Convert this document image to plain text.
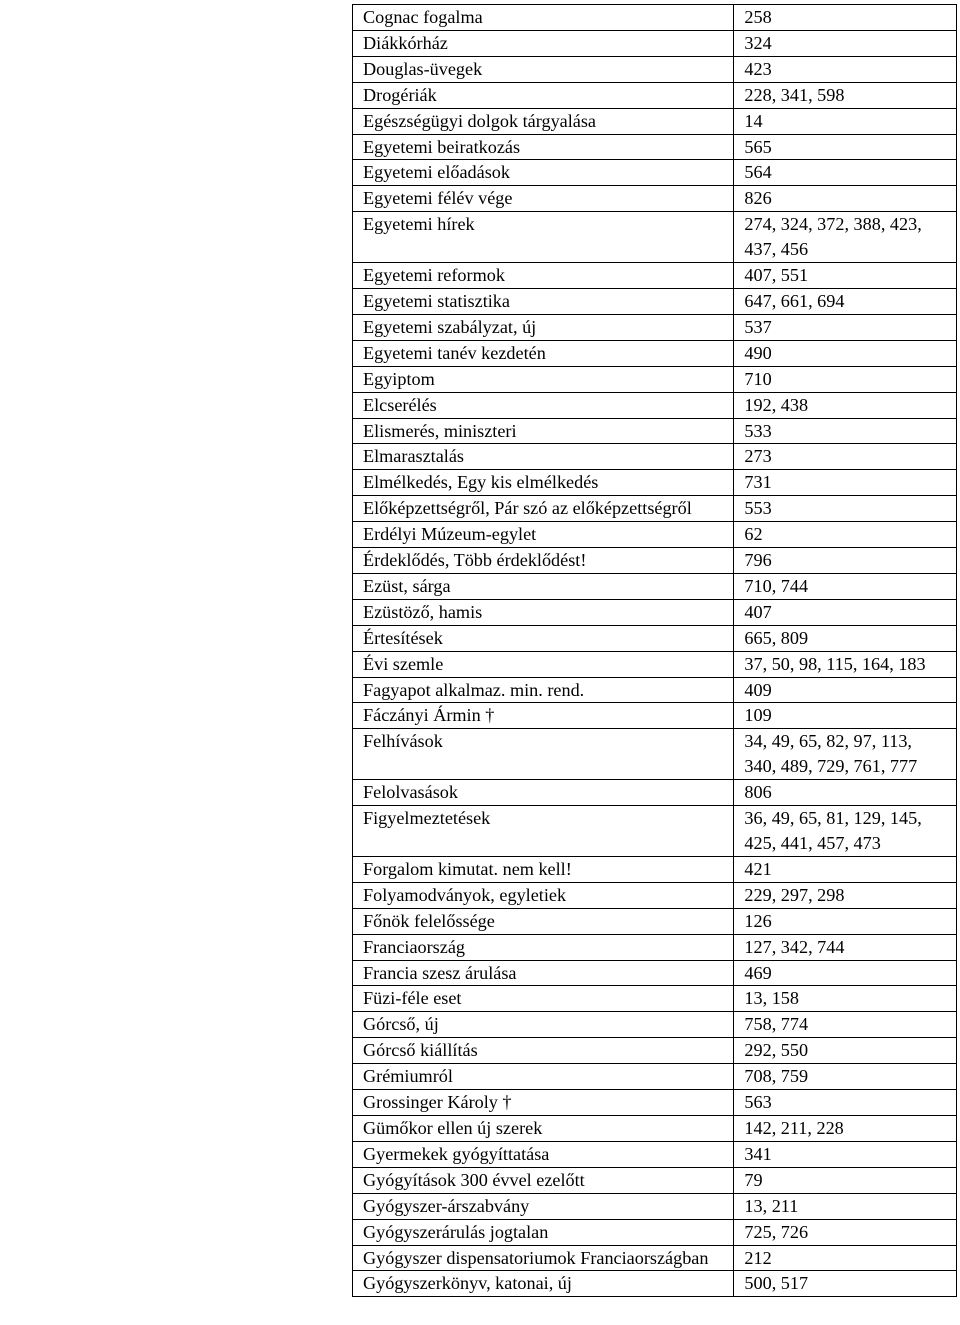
Cognac fogalma	258
Diákkórház	324
Douglas-üvegek	423
Drogériák	228, 341, 598
Egészségügyi dolgok tárgyalása	14
Egyetemi beiratkozás	565
Egyetemi előadások	564
Egyetemi félév vége	826
Egyetemi hírek	274, 324, 372, 388, 423, 437, 456
Egyetemi reformok	407, 551
Egyetemi statisztika	647, 661, 694
Egyetemi szabályzat, új	537
Egyetemi tanév kezdetén	490
Egyiptom	710
Elcserélés	192, 438
Elismerés, miniszteri	533
Elmarasztalás	273
Elmélkedés, Egy kis elmélkedés	731
Előképzettségről, Pár szó az előképzettségről	553
Erdélyi Múzeum-egylet	62
Érdeklődés, Több érdeklődést!	796
Ezüst, sárga	710, 744
Ezüstöző, hamis	407
Értesítések	665, 809
Évi szemle	37, 50, 98, 115, 164, 183
Fagyapot alkalmaz. min. rend.	409
Fáczányi Ármin †	109
Felhívások	34, 49, 65, 82, 97, 113, 340, 489, 729, 761, 777
Felolvasások	806
Figyelmeztetések	36, 49, 65, 81, 129, 145, 425, 441, 457, 473
Forgalom kimutat. nem kell!	421
Folyamodványok, egyletiek	229, 297, 298
Főnök felelőssége	126
Franciaország	127, 342, 744
Francia szesz árulása	469
Füzi-féle eset	13, 158
Górcső, új	758, 774
Górcső kiállítás	292, 550
Grémiumról	708, 759
Grossinger Károly †	563
Gümőkor ellen új szerek	142, 211, 228
Gyermekek gyógyíttatása	341
Gyógyítások 300 évvel ezelőtt	79
Gyógyszer-árszabvány	13, 211
Gyógyszerárulás jogtalan	725, 726
Gyógyszer dispensatoriumok Franciaországban	212
Gyógyszerkönyv, katonai, új	500, 517
